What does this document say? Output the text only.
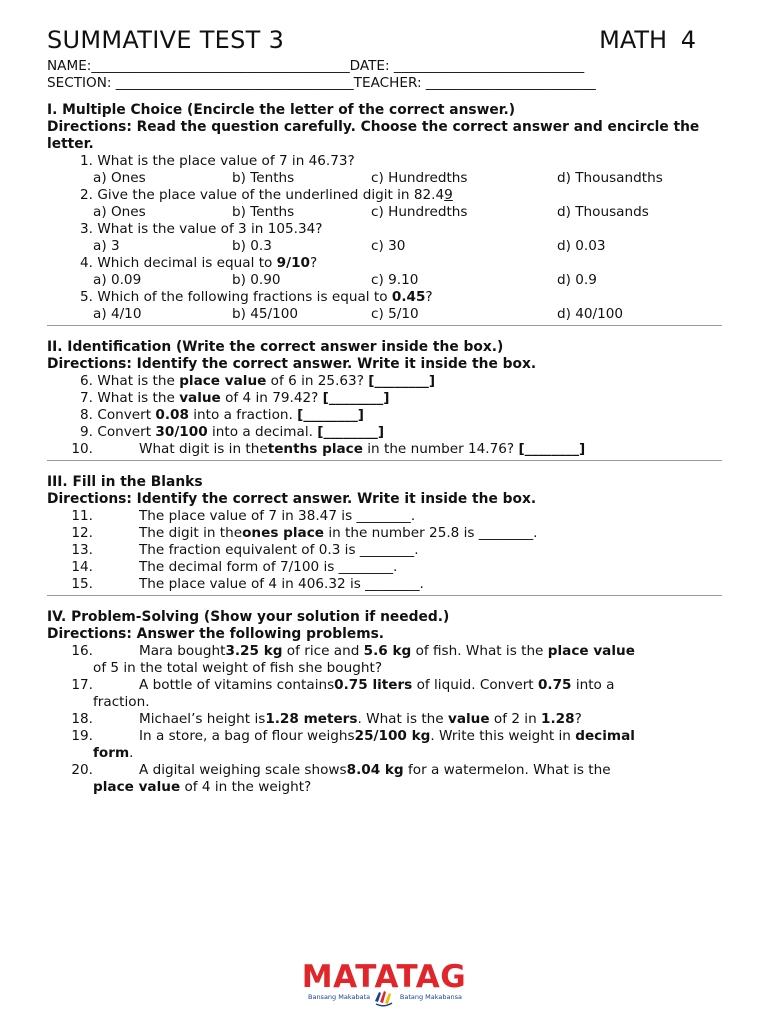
SUMMATIVE TEST 3	MATH 4
NAME:______________________________________DATE: ____________________________
SECTION: ___________________________________TEACHER: _________________________
I. Multiple Choice (Encircle the letter of the correct answer.)
Directions: Read the question carefully. Choose the correct answer and encircle the letter.
1. What is the place value of 7 in 46.73?
a) Ones	b) Tenths	c) Hundredths	d) Thousandths
2. Give the place value of the underlined digit in 82.49
a) Ones	b) Tenths	c) Hundredths	d) Thousands
3. What is the value of 3 in 105.34?
a) 3	b) 0.3	c) 30	d) 0.03
4. Which decimal is equal to 9/10?
a) 0.09	b) 0.90	c) 9.10	d) 0.9
5. Which of the following fractions is equal to 0.45?
a) 4/10	b) 45/100	c) 5/10	d) 40/100
II. Identification (Write the correct answer inside the box.)
Directions: Identify the correct answer. Write it inside the box.
6. What is the place value of 6 in 25.63? [________]
7. What is the value of 4 in 79.42? [________]
8. Convert 0.08 into a fraction. [________]
9. Convert 30/100 into a decimal. [________]
10.	What digit is in thetenths place in the number 14.76? [________]
III. Fill in the Blanks
Directions: Identify the correct answer. Write it inside the box.
11.	The place value of 7 in 38.47 is ________.
12.	The digit in theones place in the number 25.8 is ________.
13.	The fraction equivalent of 0.3 is ________.
14.	The decimal form of 7/100 is ________.
15.	The place value of 4 in 406.32 is ________.
IV. Problem-Solving (Show your solution if needed.)
Directions: Answer the following problems.
16.	Mara bought3.25 kg of rice and 5.6 kg of fish. What is the place value
of 5 in the total weight of fish she bought?
17.	A bottle of vitamins contains0.75 liters of liquid. Convert 0.75 into a
fraction.
18.	Michael’s height is1.28 meters. What is the value of 2 in 1.28?
19.	In a store, a bag of flour weighs25/100 kg. Write this weight in decimal
form.
20.	A digital weighing scale shows8.04 kg for a watermelon. What is the
place value of 4 in the weight?
MATATAG
Bansang Makabata	Batang Makabansa
